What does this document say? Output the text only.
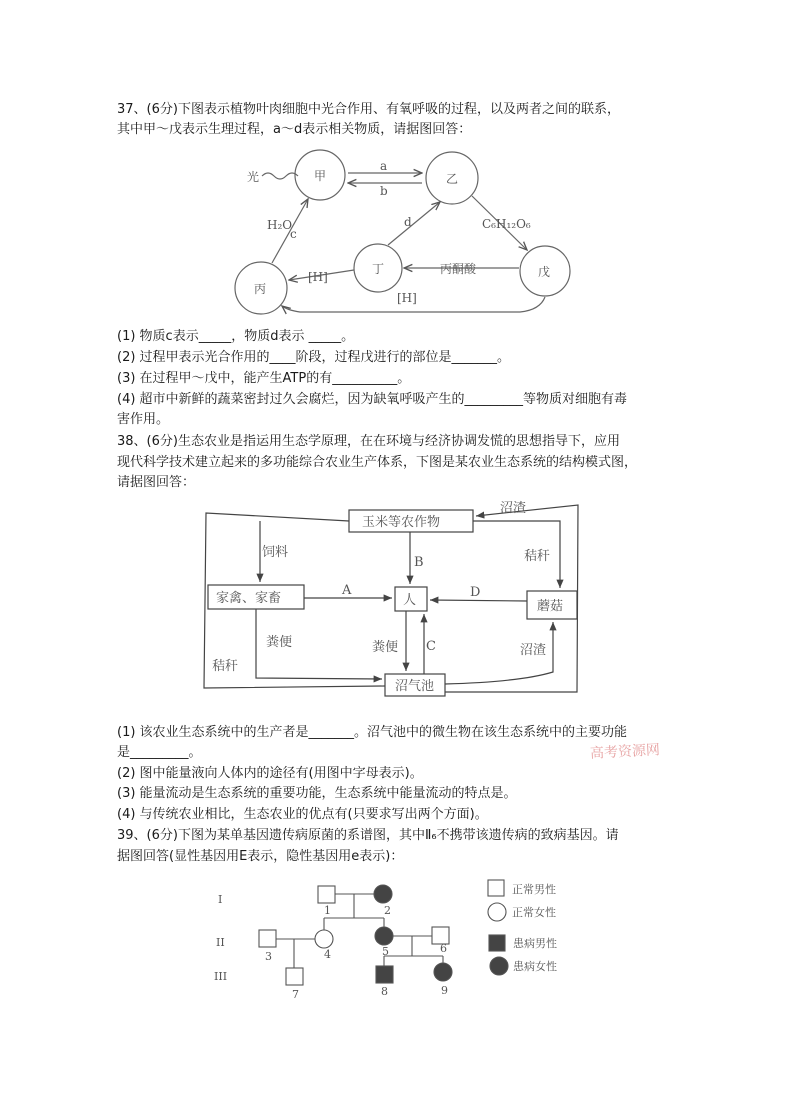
37、(6分)下图表示植物叶肉细胞中光合作用、有氧呼吸的过程，以及两者之间的联系，
其中甲～戊表示生理过程，a～d表示相关物质，请据图回答：
光	甲	乙
丙
丁	戊
a
b
H₂O
c
d	C₆H₁₂O₆
丙酮酸
[H]
[H]
(1) 物质c表示_____，物质d表示 _____。
(2) 过程甲表示光合作用的____阶段，过程戊进行的部位是_______。
(3) 在过程甲～戊中，能产生ATP的有__________。
(4) 超市中新鲜的蔬菜密封过久会腐烂，因为缺氧呼吸产生的_________等物质对细胞有毒
害作用。
38、(6分)生态农业是指运用生态学原理，在在环境与经济协调发慌的思想指导下，应用
现代科学技术建立起来的多功能综合农业生产体系，下图是某农业生态系统的结构模式图，
请据图回答：
玉米等农作物
家禽、家畜	人	蘑菇
沼气池
饲料	秸秆
秸秆
沼渣
沼渣
粪便	粪便
A
B
C
D
(1) 该农业生态系统中的生产者是_______。沼气池中的微生物在该生态系统中的主要功能
是_________。	高考资源网
(2) 图中能量液向人体内的途径有(用图中字母表示)。
(3) 能量流动是生态系统的重要功能，生态系统中能量流动的特点是。
(4) 与传统农业相比，生态农业的优点有(只要求写出两个方面)。
39、(6分)下图为某单基因遗传病原菌的系谱图，其中Ⅱ₆不携带该遗传病的致病基因。请
据图回答(显性基因用E表示，隐性基因用e表示)：
I
II
III
1	2
3	4	5	6
7	8	9
正常男性
正常女性
患病男性
患病女性
